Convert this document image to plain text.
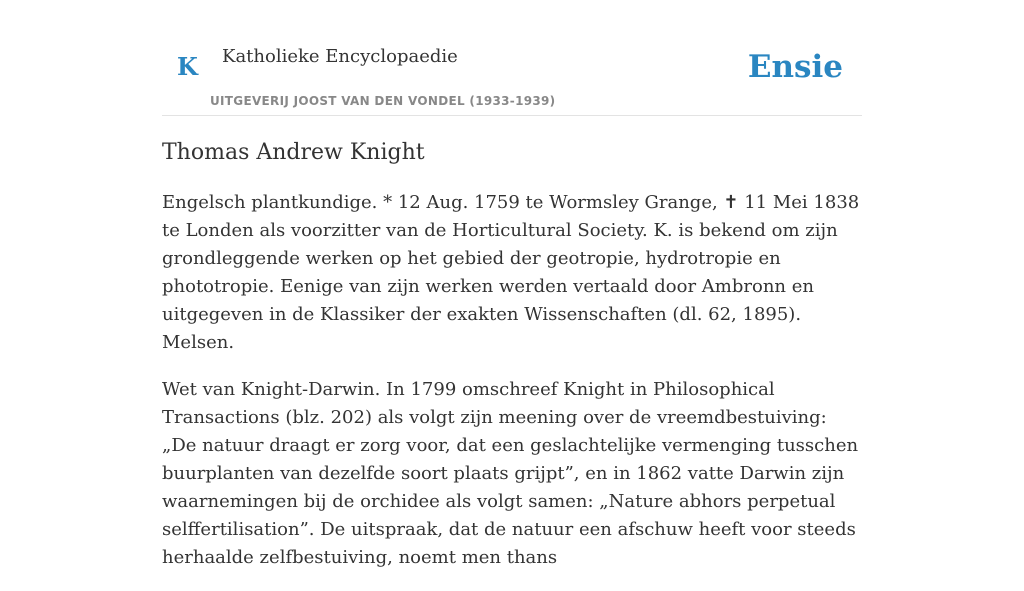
K Katholieke Encyclopaedie
UITGEVERIJ JOOST VAN DEN VONDEL (1933-1939)
Ensie
Thomas Andrew Knight

Engelsch plantkundige. * 12 Aug. 1759 te Wormsley Grange, ✝ 11 Mei 1838 te Londen als voorzitter van de Horticultural Society. K. is bekend om zijn grondleggende werken op het gebied der geotropie, hydrotropie en phototropie. Eenige van zijn werken werden vertaald door Ambronn en uitgegeven in de Klassiker der exakten Wissenschaften (dl. 62, 1895). Melsen.

Wet van Knight-Darwin. In 1799 omschreef Knight in Philosophical Transactions (blz. 202) als volgt zijn meening over de vreemdbestuiving: „De natuur draagt er zorg voor, dat een geslachtelijke vermenging tusschen buurplanten van dezelfde soort plaats grijpt”, en in 1862 vatte Darwin zijn waarnemingen bij de orchidee als volgt samen: „Nature abhors perpetual selffertilisation”. De uitspraak, dat de natuur een afschuw heeft voor steeds herhaalde zelfbestuiving, noemt men thans
